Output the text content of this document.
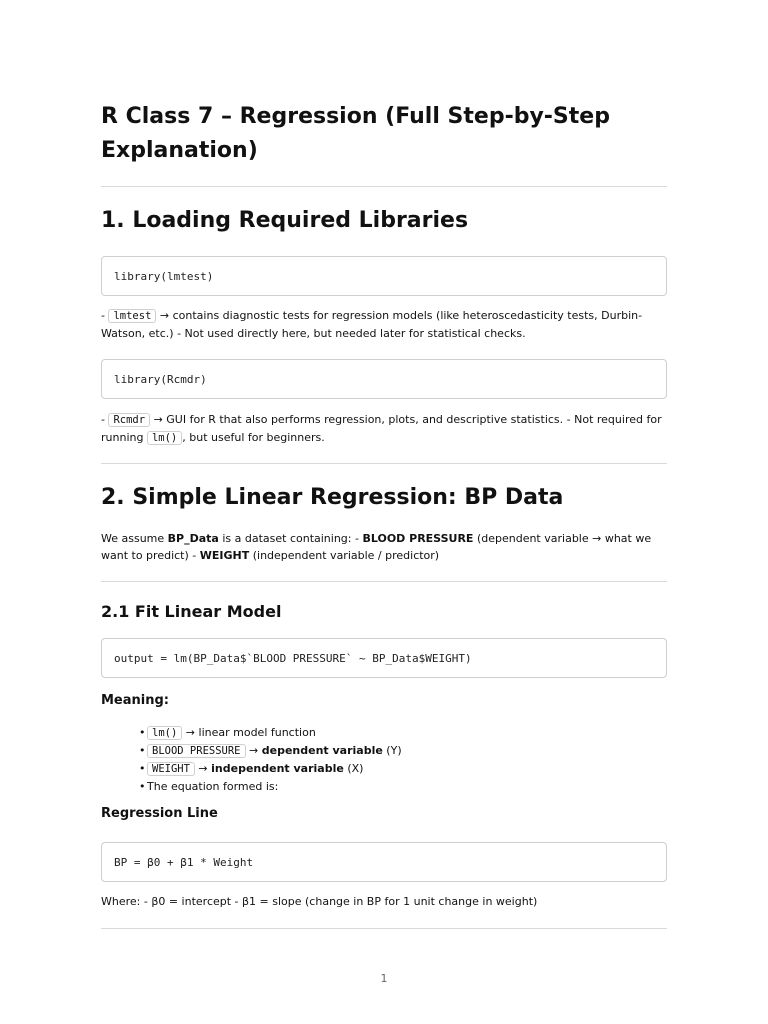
R Class 7 – Regression (Full Step-by-Step Explanation)
1. Loading Required Libraries
library(lmtest)

- lmtest → contains diagnostic tests for regression models (like heteroscedasticity tests, Durbin-Watson, etc.) - Not used directly here, but needed later for statistical checks.

library(Rcmdr)

- Rcmdr → GUI for R that also performs regression, plots, and descriptive statistics. - Not required for running lm() , but useful for beginners.

2. Simple Linear Regression: BP Data

We assume BP_Data is a dataset containing: - BLOOD PRESSURE (dependent variable → what we want to predict) - WEIGHT (independent variable / predictor)

2.1 Fit Linear Model
output = lm(BP_Data$`BLOOD PRESSURE` ~ BP_Data$WEIGHT)
Meaning:
• lm() → linear model function
• BLOOD PRESSURE → dependent variable (Y)
• WEIGHT → independent variable (X)
• The equation formed is:
Regression Line
BP = β0 + β1 * Weight

Where: - β0 = intercept - β1 = slope (change in BP for 1 unit change in weight)

1
